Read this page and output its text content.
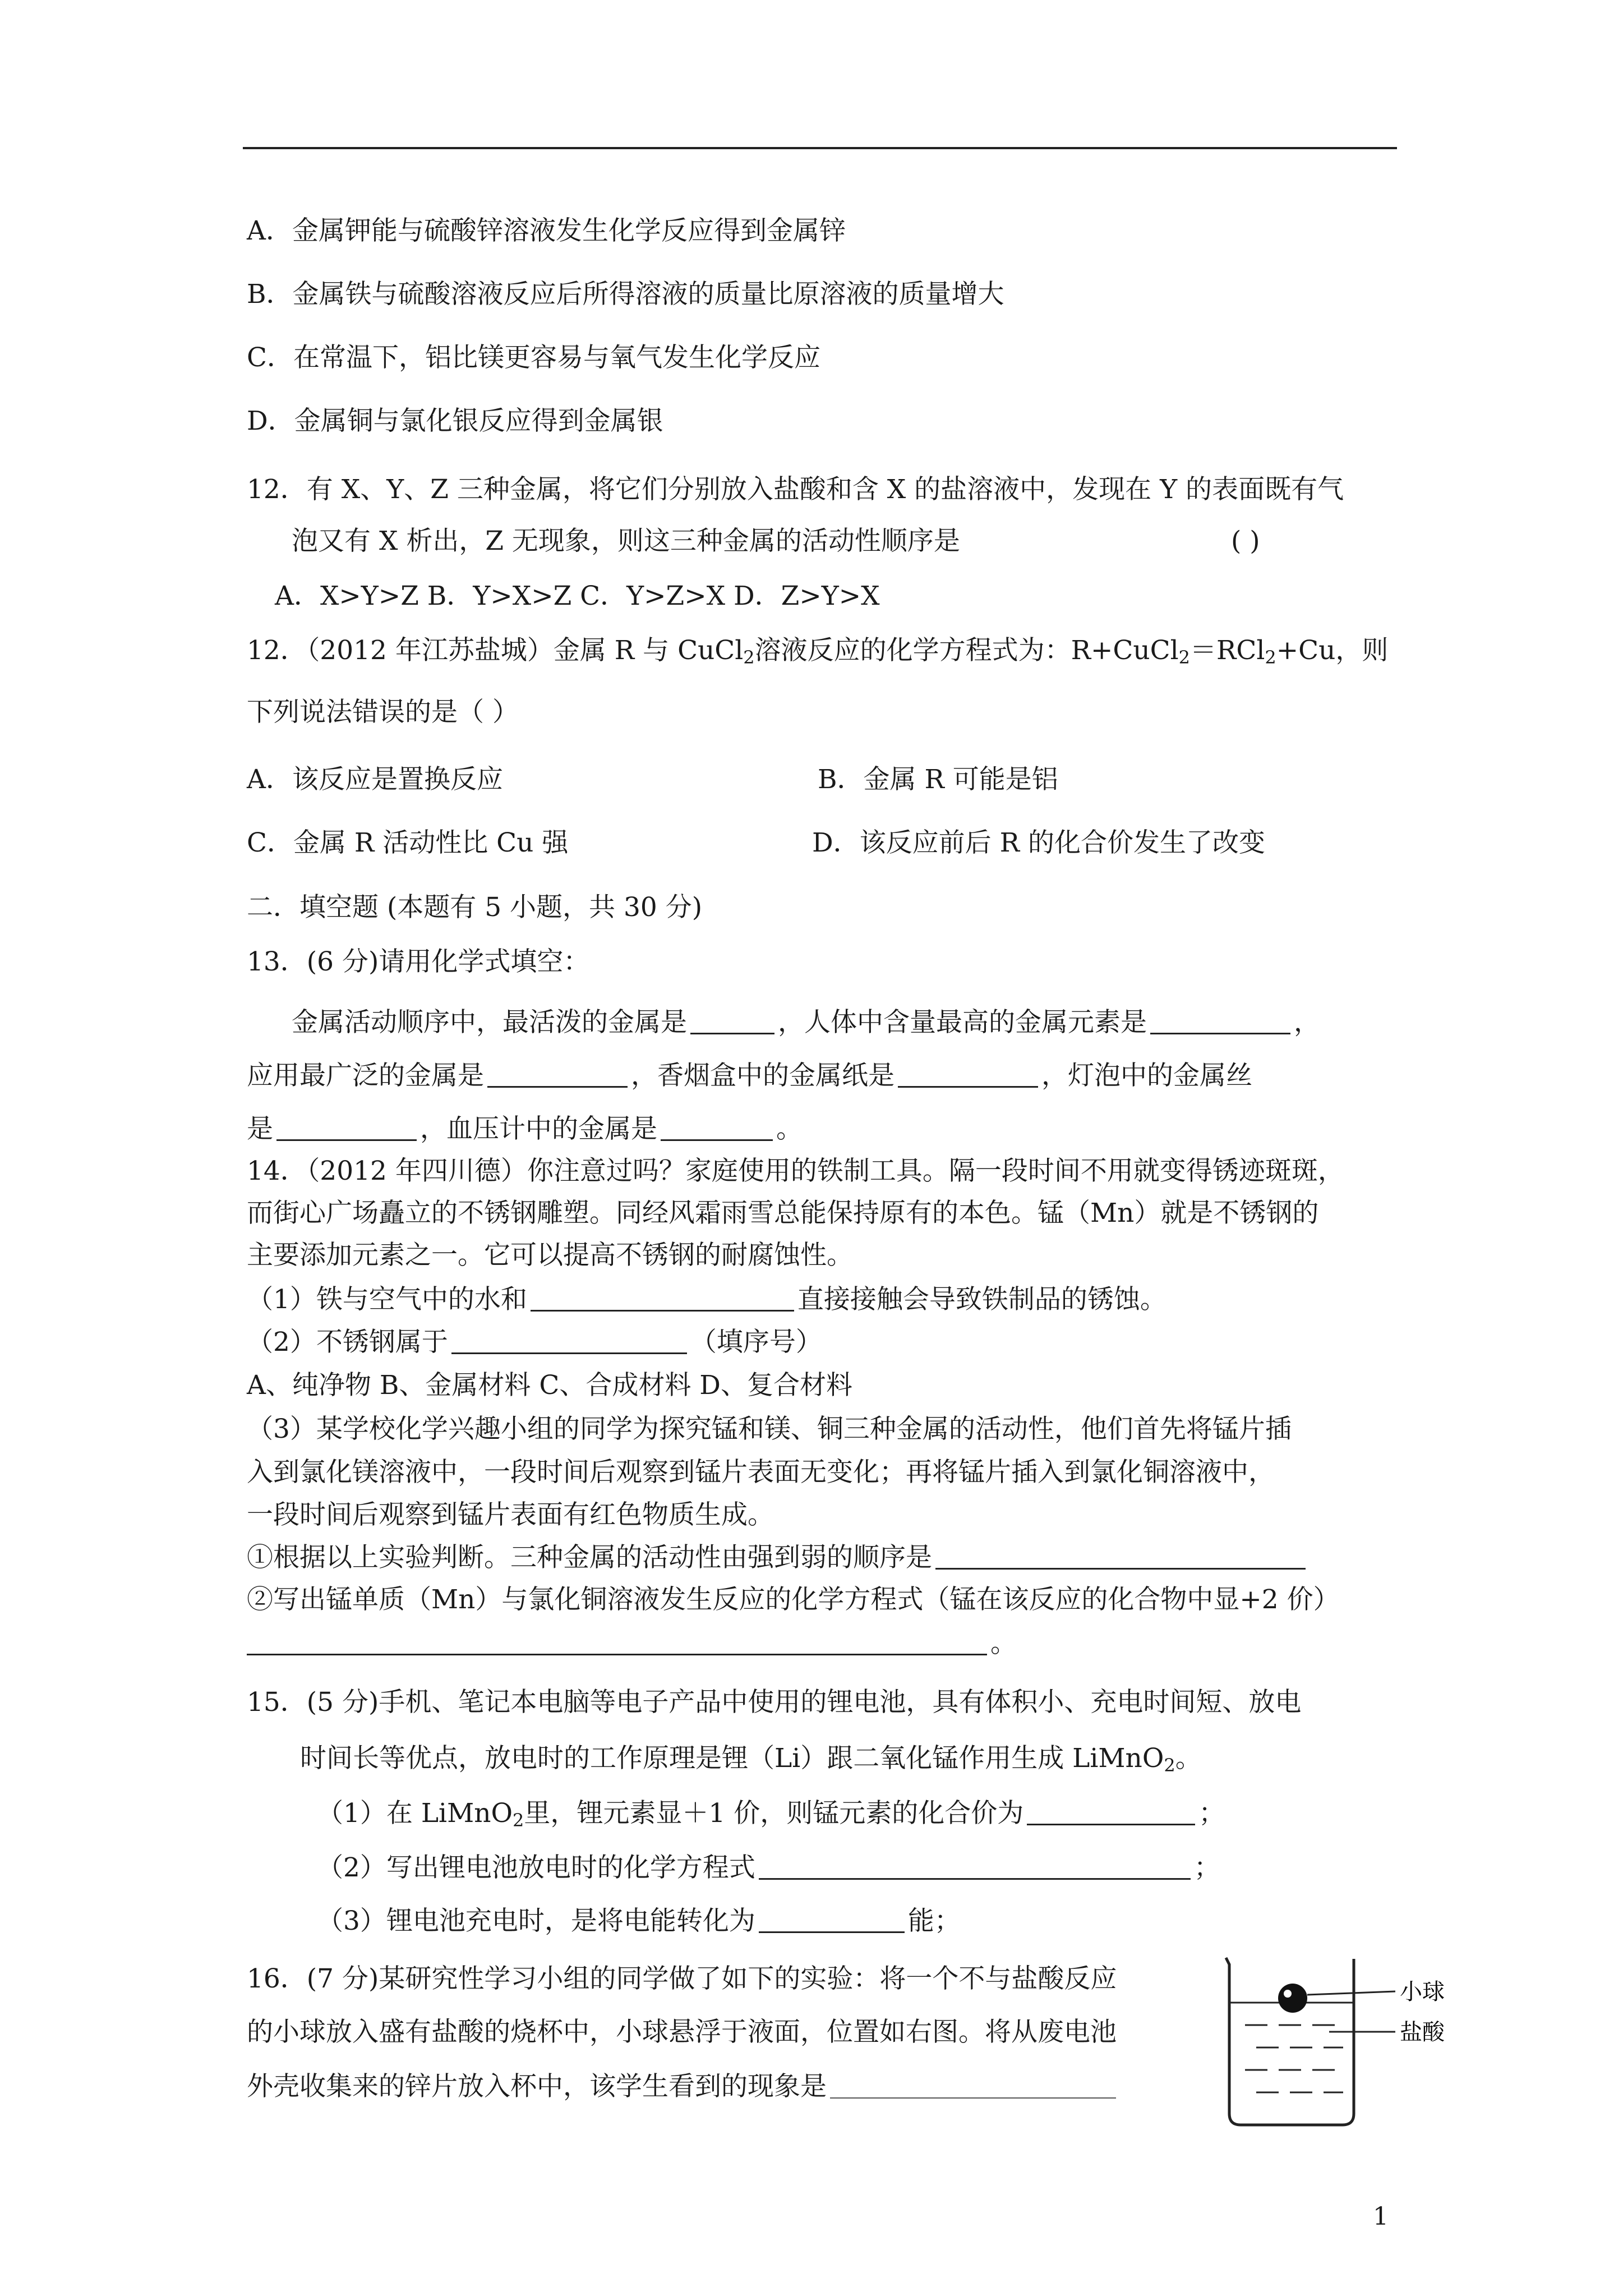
A．金属钾能与硫酸锌溶液发生化学反应得到金属锌
B．金属铁与硫酸溶液反应后所得溶液的质量比原溶液的质量增大
C．在常温下，铝比镁更容易与氧气发生化学反应
D．金属铜与氯化银反应得到金属银
12．有 X、Y、Z 三种金属，将它们分别放入盐酸和含 X 的盐溶液中，发现在 Y 的表面既有气
泡又有 X 析出，Z 无现象，则这三种金属的活动性顺序是	( )
A．X>Y>Z B．Y>X>Z C．Y>Z>X D．Z>Y>X
12．（2012 年江苏盐城）金属 R 与 CuCl$_2$溶液反应的化学方程式为：R+CuCl$_2$＝RCl$_2$+Cu，则
下列说法错误的是（ ）
A．该反应是置换反应	B．金属 R 可能是铝
C．金属 R 活动性比 Cu 强	D．该反应前后 R 的化合价发生了改变
二．填空题 (本题有 5 小题，共 30 分)
13．(6 分)请用化学式填空：
金属活动顺序中，最活泼的金属是	，人体中含量最高的金属元素是	，
应用最广泛的金属是	，香烟盒中的金属纸是	，灯泡中的金属丝
是	，血压计中的金属是	。
14．（2012 年四川德）你注意过吗？家庭使用的铁制工具。隔一段时间不用就变得锈迹斑斑，
而街心广场矗立的不锈钢雕塑。同经风霜雨雪总能保持原有的本色。锰（Mn）就是不锈钢的
主要添加元素之一。它可以提高不锈钢的耐腐蚀性。
（1）铁与空气中的水和	直接接触会导致铁制品的锈蚀。
（2）不锈钢属于	（填序号）
A、纯净物 B、金属材料 C、合成材料 D、复合材料
（3）某学校化学兴趣小组的同学为探究锰和镁、铜三种金属的活动性，他们首先将锰片插
入到氯化镁溶液中，一段时间后观察到锰片表面无变化；再将锰片插入到氯化铜溶液中，
一段时间后观察到锰片表面有红色物质生成。
①根据以上实验判断。三种金属的活动性由强到弱的顺序是
②写出锰单质（Mn）与氯化铜溶液发生反应的化学方程式（锰在该反应的化合物中显+2 价）
。
15．(5 分)手机、笔记本电脑等电子产品中使用的锂电池，具有体积小、充电时间短、放电
时间长等优点，放电时的工作原理是锂（Li）跟二氧化锰作用生成 LiMnO$_2$。
（1）在 LiMnO$_2$里，锂元素显＋1 价，则锰元素的化合价为	；
（2）写出锂电池放电时的化学方程式	；
（3）锂电池充电时，是将电能转化为	能；
16．(7 分)某研究性学习小组的同学做了如下的实验：将一个不与盐酸反应
的小球放入盛有盐酸的烧杯中，小球悬浮于液面，位置如右图。将从废电池
外壳收集来的锌片放入杯中，该学生看到的现象是
小球
盐酸
1
